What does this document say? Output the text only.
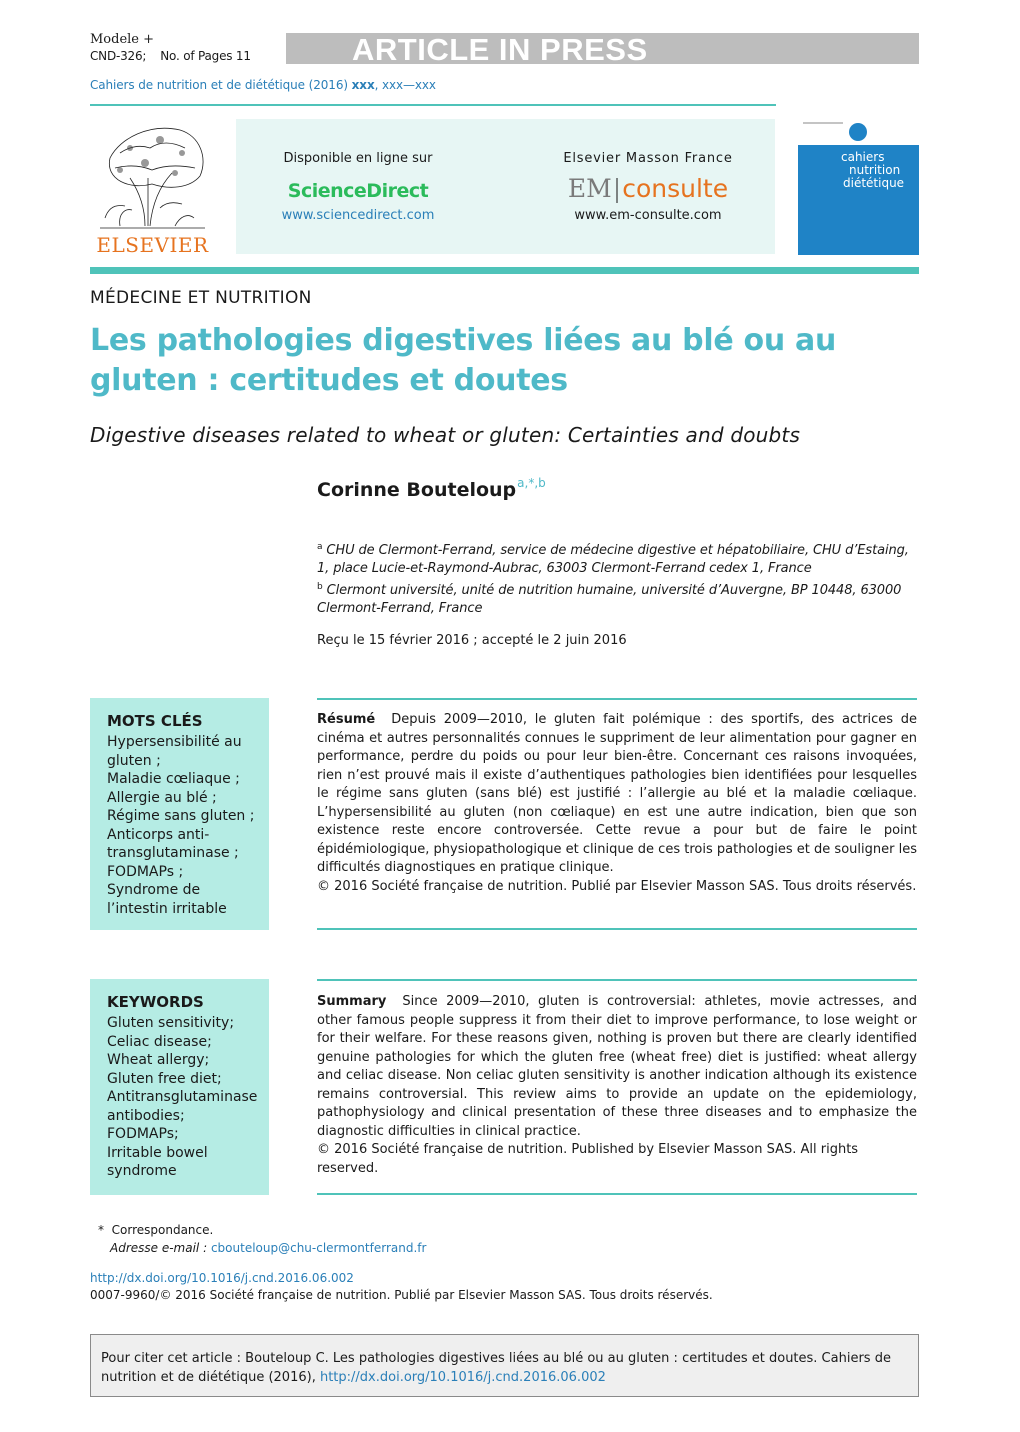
Modele +
CND-326; No. of Pages 11	ARTICLE IN PRESS
Cahiers de nutrition et de diététique (2016) xxx, xxx—xxx
ELSEVIER
Disponible en ligne sur
ScienceDirect
www.sciencedirect.com
Elsevier Masson France
EM|consulte
www.em-consulte.com
cahiers
nutrition
diététique
MÉDECINE ET NUTRITION
Les pathologies digestives liées au blé ou au gluten : certitudes et doutes
Digestive diseases related to wheat or gluten: Certainties and doubts
Corinne Bouteloup$^{a,*,b}$
$^a$ CHU de Clermont-Ferrand, service de médecine digestive et hépatobiliaire, CHU d’Estaing, 1, place Lucie-et-Raymond-Aubrac, 63003 Clermont-Ferrand cedex 1, France
$^b$ Clermont université, unité de nutrition humaine, université d’Auvergne, BP 10448, 63000 Clermont-Ferrand, France
Reçu le 15 février 2016 ; accepté le 2 juin 2016
MOTS CLÉS
Hypersensibilité au
gluten ;
Maladie cœliaque ;
Allergie au blé ;
Régime sans gluten ;
Anticorps anti-
transglutaminase ;
FODMAPs ;
Syndrome de
l’intestin irritable

Résumé Depuis 2009—2010, le gluten fait polémique : des sportifs, des actrices de cinéma et autres personnalités connues le suppriment de leur alimentation pour gagner en performance, perdre du poids ou pour leur bien-être. Concernant ces raisons invoquées, rien n’est prouvé mais il existe d’authentiques pathologies bien identifiées pour lesquelles le régime sans gluten (sans blé) est justifié : l’allergie au blé et la maladie cœliaque. L’hypersensibilité au gluten (non cœliaque) en est une autre indication, bien que son existence reste encore controversée. Cette revue a pour but de faire le point épidémiologique, physiopathologique et clinique de ces trois pathologies et de souligner les difficultés diagnostiques en pratique clinique.

© 2016 Société française de nutrition. Publié par Elsevier Masson SAS. Tous droits réservés.

KEYWORDS
Gluten sensitivity;
Celiac disease;
Wheat allergy;
Gluten free diet;
Antitransglutaminase
antibodies;
FODMAPs;
Irritable bowel
syndrome

Summary Since 2009—2010, gluten is controversial: athletes, movie actresses, and other famous people suppress it from their diet to improve performance, to lose weight or for their welfare. For these reasons given, nothing is proven but there are clearly identified genuine pathologies for which the gluten free (wheat free) diet is justified: wheat allergy and celiac disease. Non celiac gluten sensitivity is another indication although its existence remains controversial. This review aims to provide an update on the epidemiology, pathophysiology and clinical presentation of these three diseases and to emphasize the diagnostic difficulties in clinical practice.

© 2016 Société française de nutrition. Published by Elsevier Masson SAS. All rights reserved.

* Correspondance.
Adresse e-mail : cbouteloup@chu-clermontferrand.fr
http://dx.doi.org/10.1016/j.cnd.2016.06.002
0007-9960/© 2016 Société française de nutrition. Publié par Elsevier Masson SAS. Tous droits réservés.
Pour citer cet article : Bouteloup C. Les pathologies digestives liées au blé ou au gluten : certitudes et doutes. Cahiers de nutrition et de diététique (2016), http://dx.doi.org/10.1016/j.cnd.2016.06.002
